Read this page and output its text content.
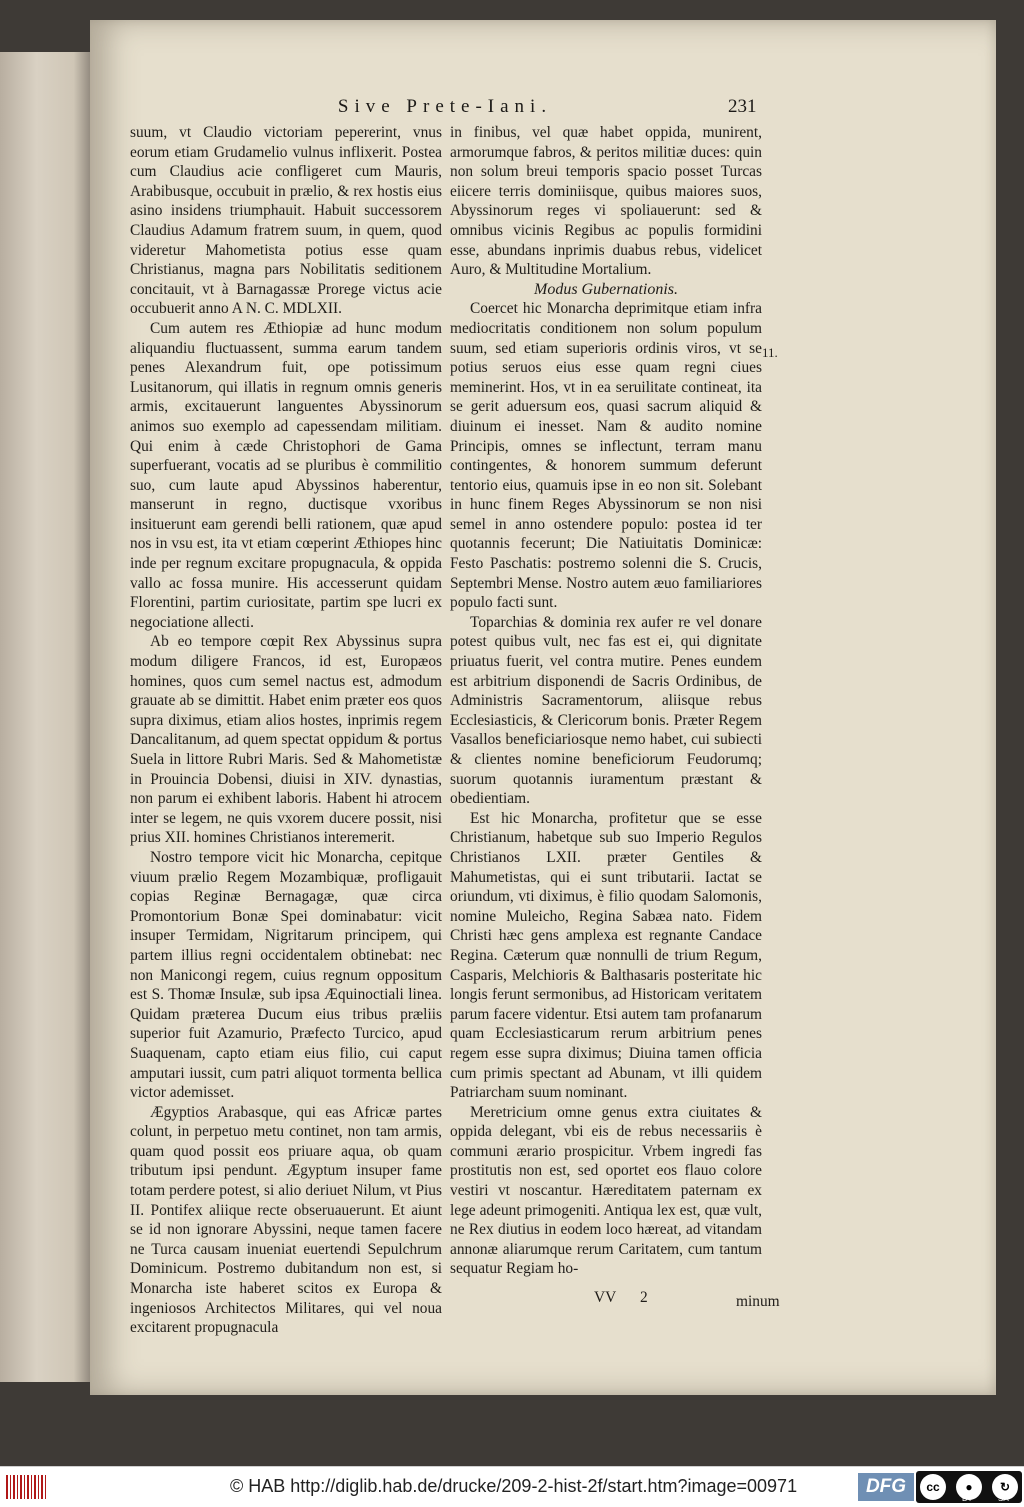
Sive Prete-Iani.	231

suum, vt Claudio victoriam pepererint, vnus eorum etiam Grudamelio vulnus inflixerit. Postea cum Claudius acie confligeret cum Mauris, Arabibusque, occubuit in prælio, & rex hostis eius asino insidens triumphauit. Habuit successorem Claudius Adamum fratrem suum, in quem, quod videretur Mahometista potius esse quam Christianus, magna pars Nobilitatis seditionem concitauit, vt à Barnagassæ Prorege victus acie occubuerit anno A N. C. MDLXII.

Cum autem res Æthiopiæ ad hunc modum aliquandiu fluctuassent, summa earum tandem penes Alexandrum fuit, ope potissimum Lusitanorum, qui illatis in regnum omnis generis armis, excitauerunt languentes Abyssinorum animos suo exemplo ad capessendam militiam. Qui enim à cæde Christophori de Gama superfuerant, vocatis ad se pluribus è commilitio suo, cum laute apud Abyssinos haberentur, manserunt in regno, ductisque vxoribus insituerunt eam gerendi belli rationem, quæ apud nos in vsu est, ita vt etiam cœperint Æthiopes hinc inde per regnum excitare propugnacula, & oppida vallo ac fossa munire. His accesserunt quidam Florentini, partim curiositate, partim spe lucri ex negociatione allecti.

Ab eo tempore cœpit Rex Abyssinus supra modum diligere Francos, id est, Europæos homines, quos cum semel nactus est, admodum grauate ab se dimittit. Habet enim præter eos quos supra diximus, etiam alios hostes, inprimis regem Dancalitanum, ad quem spectat oppidum & portus Suela in littore Rubri Maris. Sed & Mahometistæ in Prouincia Dobensi, diuisi in XIV. dynastias, non parum ei exhibent laboris. Habent hi atrocem inter se legem, ne quis vxorem ducere possit, nisi prius XII. homines Christianos interemerit.

Nostro tempore vicit hic Monarcha, cepitque viuum prælio Regem Mozambiquæ, profligauit copias Reginæ Bernagagæ, quæ circa Promontorium Bonæ Spei dominabatur: vicit insuper Termidam, Nigritarum principem, qui partem illius regni occidentalem obtinebat: nec non Manicongi regem, cuius regnum oppositum est S. Thomæ Insulæ, sub ipsa Æquinoctiali linea. Quidam præterea Ducum eius tribus præliis superior fuit Azamurio, Præfecto Turcico, apud Suaquenam, capto etiam eius filio, cui caput amputari iussit, cum patri aliquot tormenta bellica victor ademisset.

Ægyptios Arabasque, qui eas Africæ partes colunt, in perpetuo metu continet, non tam armis, quam quod possit eos priuare aqua, ob quam tributum ipsi pendunt. Ægyptum insuper fame totam perdere potest, si alio deriuet Nilum, vt Pius II. Pontifex aliique recte obseruauerunt. Et aiunt se id non ignorare Abyssini, neque tamen facere ne Turca causam inueniat euertendi Sepulchrum Dominicum. Postremo dubitandum non est, si Monarcha iste haberet scitos ex Europa & ingeniosos Architectos Militares, qui vel noua excitarent propugnacula

in finibus, vel quæ habet oppida, munirent, armorumque fabros, & peritos militiæ duces: quin non solum breui temporis spacio posset Turcas eiicere terris dominiisque, quibus maiores suos, Abyssinorum reges vi spoliauerunt: sed & omnibus vicinis Regibus ac populis formidini esse, abundans inprimis duabus rebus, videlicet Auro, & Multitudine Mortalium.

Modus Gubernationis.

Coercet hic Monarcha deprimitque etiam infra mediocritatis conditionem non solum populum suum, sed etiam superioris ordinis viros, vt se potius seruos eius esse quam regni ciues meminerint. Hos, vt in ea seruilitate contineat, ita se gerit aduersum eos, quasi sacrum aliquid & diuinum ei inesset. Nam & audito nomine Principis, omnes se inflectunt, terram manu contingentes, & honorem summum deferunt tentorio eius, quamuis ipse in eo non sit. Solebant in hunc finem Reges Abyssinorum se non nisi semel in anno ostendere populo: postea id ter quotannis fecerunt; Die Natiuitatis Dominicæ: Festo Paschatis: postremo solenni die S. Crucis, Septembri Mense. Nostro autem æuo familiariores populo facti sunt.

Toparchias & dominia rex aufer re vel donare potest quibus vult, nec fas est ei, qui dignitate priuatus fuerit, vel contra mutire. Penes eundem est arbitrium disponendi de Sacris Ordinibus, de Administris Sacramentorum, aliisque rebus Ecclesiasticis, & Clericorum bonis. Præter Regem Vasallos beneficiariosque nemo habet, cui subiecti & clientes nomine beneficiorum Feudorumq; suorum quotannis iuramentum præstant & obedientiam.

Est hic Monarcha, profitetur que se esse Christianum, habetque sub suo Imperio Regulos Christianos LXII. præter Gentiles & Mahumetistas, qui ei sunt tributarii. Iactat se oriundum, vti diximus, è filio quodam Salomonis, nomine Muleicho, Regina Sabæa nato. Fidem Christi hæc gens amplexa est regnante Candace Regina. Cæterum quæ nonnulli de trium Regum, Casparis, Melchioris & Balthasaris posteritate hic longis ferunt sermonibus, ad Historicam veritatem parum facere videntur. Etsi autem tam profanarum quam Ecclesiasticarum rerum arbitrium penes regem esse supra diximus; Diuina tamen officia cum primis spectant ad Abunam, vt illi quidem Patriarcham suum nominant.

Meretricium omne genus extra ciuitates & oppida delegant, vbi eis de rebus necessariis è communi ærario prospicitur. Vrbem ingredi fas prostitutis non est, sed oportet eos flauo colore vestiri vt noscantur. Hæreditatem paternam ex lege adeunt primogeniti. Antiqua lex est, quæ vult, ne Rex diutius in eodem loco hæreat, ad vitandam annonæ aliarumque rerum Caritatem, cum tantum sequatur Regiam ho-

11.
VV 2	minum
© HAB http://diglib.hab.de/drucke/209-2-hist-2f/start.htm?image=00971	DFG	cc	●	↻
BY	SA
